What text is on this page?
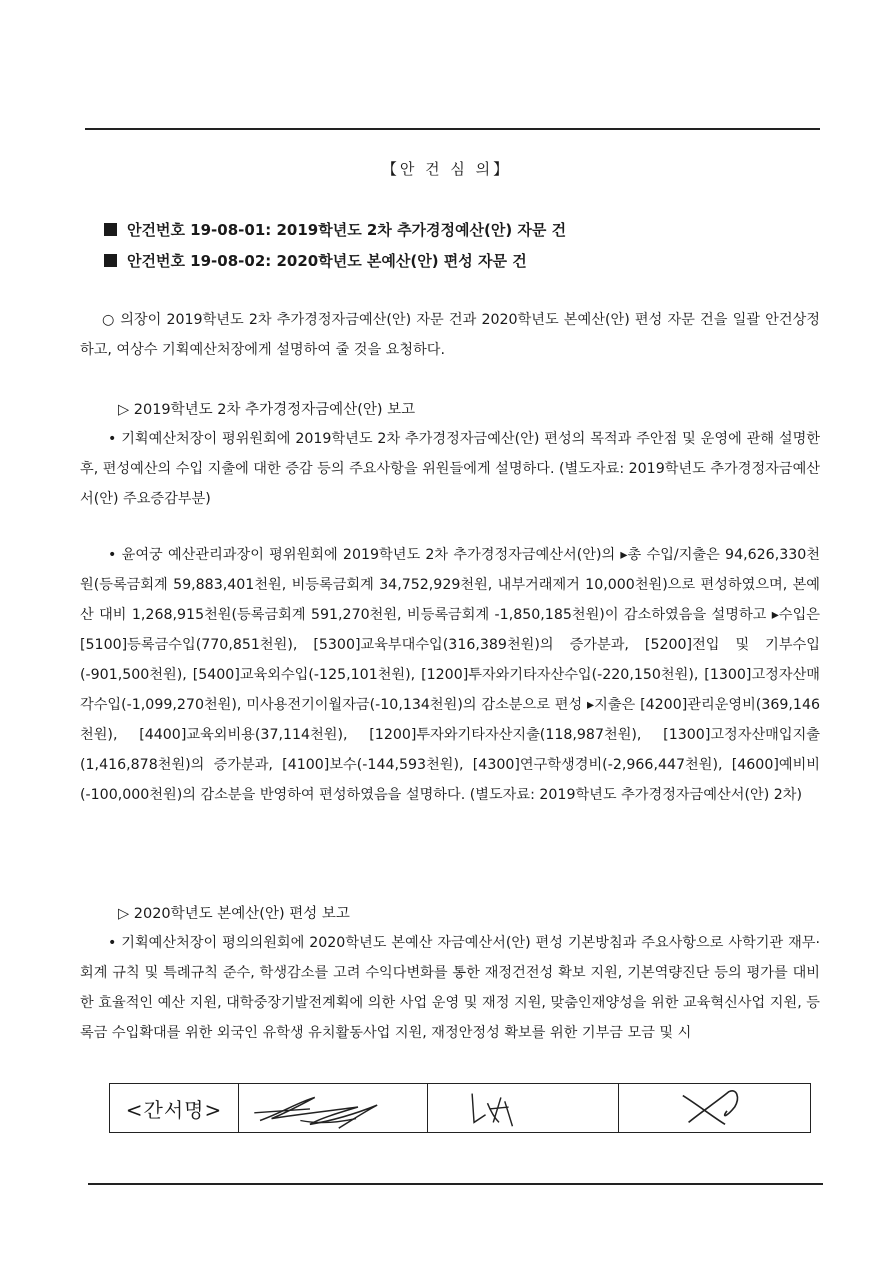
【안 건 심 의】
안건번호 19-08-01: 2019학년도 2차 추가경정예산(안) 자문 건
안건번호 19-08-02: 2020학년도 본예산(안) 편성 자문 건

○ 의장이 2019학년도 2차 추가경정자금예산(안) 자문 건과 2020학년도 본예산(안) 편성 자문 건을 일괄 안건상정하고, 여상수 기획예산처장에게 설명하여 줄 것을 요청하다.

▷ 2019학년도 2차 추가경정자금예산(안) 보고

• 기획예산처장이 평위원회에 2019학년도 2차 추가경정자금예산(안) 편성의 목적과 주안점 및 운영에 관해 설명한 후, 편성예산의 수입 지출에 대한 증감 등의 주요사항을 위원들에게 설명하다. (별도자료: 2019학년도 추가경정자금예산서(안) 주요증감부분)

• 윤여궁 예산관리과장이 평위원회에 2019학년도 2차 추가경정자금예산서(안)의 ▸총 수입/지출은 94,626,330천원(등록금회계 59,883,401천원, 비등록금회계 34,752,929천원, 내부거래제거 10,000천원)으로 편성하였으며, 본예산 대비 1,268,915천원(등록금회계 591,270천원, 비등록금회계 -1,850,185천원)이 감소하였음을 설명하고 ▸수입은 [5100]등록금수입(770,851천원), [5300]교육부대수입(316,389천원)의 증가분과, [5200]전입 및 기부수입(-901,500천원), [5400]교육외수입(-125,101천원), [1200]투자와기타자산수입(-220,150천원), [1300]고정자산매각수입(-1,099,270천원), 미사용전기이월자금(-10,134천원)의 감소분으로 편성 ▸지출은 [4200]관리운영비(369,146천원), [4400]교육외비용(37,114천원), [1200]투자와기타자산지출(118,987천원), [1300]고정자산매입지출(1,416,878천원)의 증가분과, [4100]보수(-144,593천원), [4300]연구학생경비(-2,966,447천원), [4600]예비비(-100,000천원)의 감소분을 반영하여 편성하였음을 설명하다. (별도자료: 2019학년도 추가경정자금예산서(안) 2차)

▷ 2020학년도 본예산(안) 편성 보고

• 기획예산처장이 평의의원회에 2020학년도 본예산 자금예산서(안) 편성 기본방침과 주요사항으로 사학기관 재무·회계 규칙 및 특례규칙 준수, 학생감소를 고려 수익다변화를 통한 재정건전성 확보 지원, 기본역량진단 등의 평가를 대비한 효율적인 예산 지원, 대학중장기발전계획에 의한 사업 운영 및 재정 지원, 맞춤인재양성을 위한 교육혁신사업 지원, 등록금 수입확대를 위한 외국인 유학생 유치활동사업 지원, 재정안정성 확보를 위한 기부금 모금 및 시

<간서명>
